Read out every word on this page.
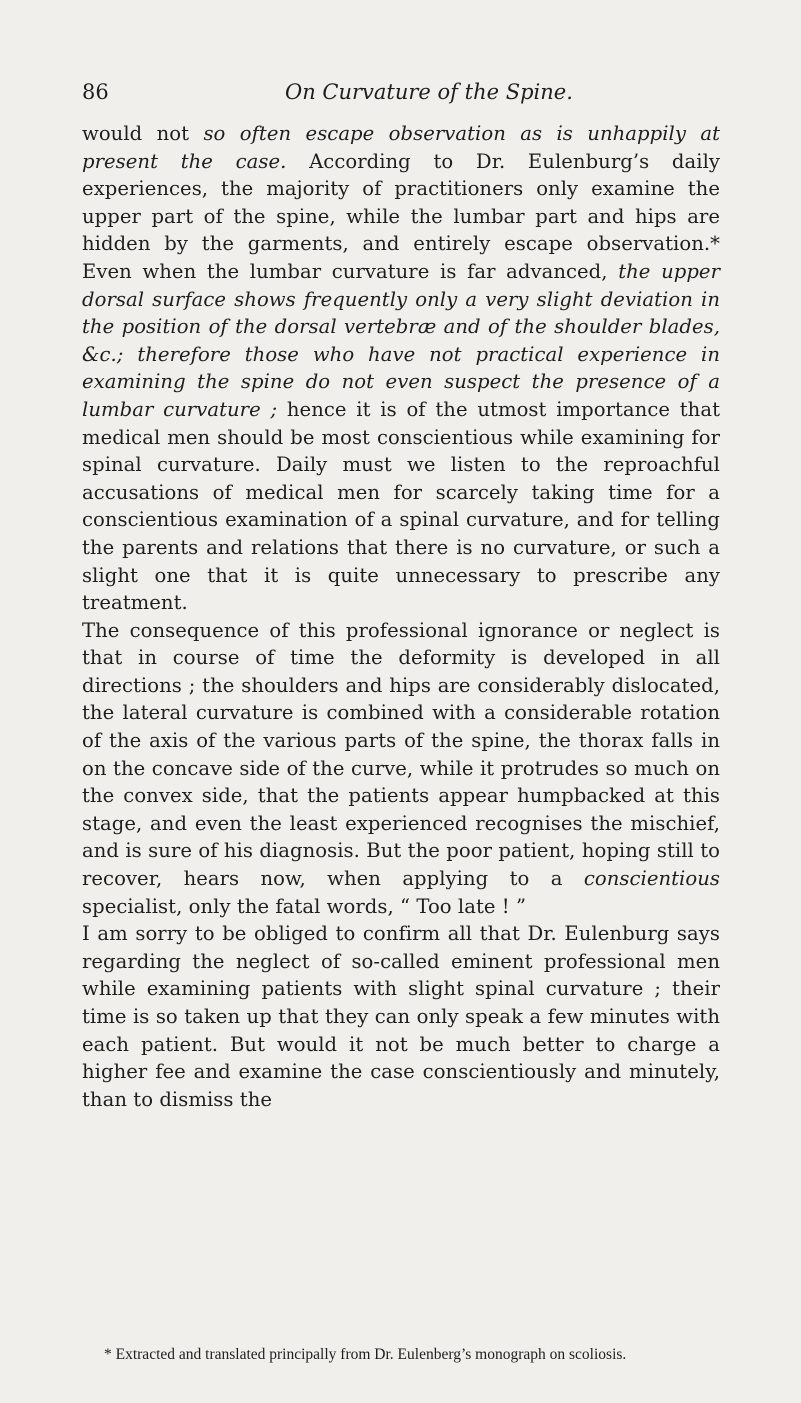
86	On Curvature of the Spine.

would not so often escape observation as is unhappily at present the case. According to Dr. Eulenburg’s daily experiences, the majority of practitioners only examine the upper part of the spine, while the lumbar part and hips are hidden by the garments, and entirely escape observation.* Even when the lumbar curvature is far advanced, the upper dorsal surface shows frequently only a very slight deviation in the position of the dorsal vertebræ and of the shoulder blades, &c.; therefore those who have not practical experience in examining the spine do not even suspect the presence of a lumbar curvature ; hence it is of the utmost importance that medical men should be most conscientious while examining for spinal curvature. Daily must we listen to the reproachful accusations of medical men for scarcely taking time for a conscientious examination of a spinal curvature, and for telling the parents and relations that there is no curvature, or such a slight one that it is quite unnecessary to prescribe any treatment.

The consequence of this professional ignorance or neglect is that in course of time the deformity is developed in all directions ; the shoulders and hips are considerably dislocated, the lateral curvature is combined with a considerable rotation of the axis of the various parts of the spine, the thorax falls in on the concave side of the curve, while it protrudes so much on the convex side, that the patients appear humpbacked at this stage, and even the least experienced recognises the mischief, and is sure of his diagnosis. But the poor patient, hoping still to recover, hears now, when applying to a conscientious specialist, only the fatal words, “ Too late ! ”

I am sorry to be obliged to confirm all that Dr. Eulenburg says regarding the neglect of so-called eminent professional men while examining patients with slight spinal curvature ; their time is so taken up that they can only speak a few minutes with each patient. But would it not be much better to charge a higher fee and examine the case conscientiously and minutely, than to dismiss the

* Extracted and translated principally from Dr. Eulenberg’s monograph on scoliosis.
